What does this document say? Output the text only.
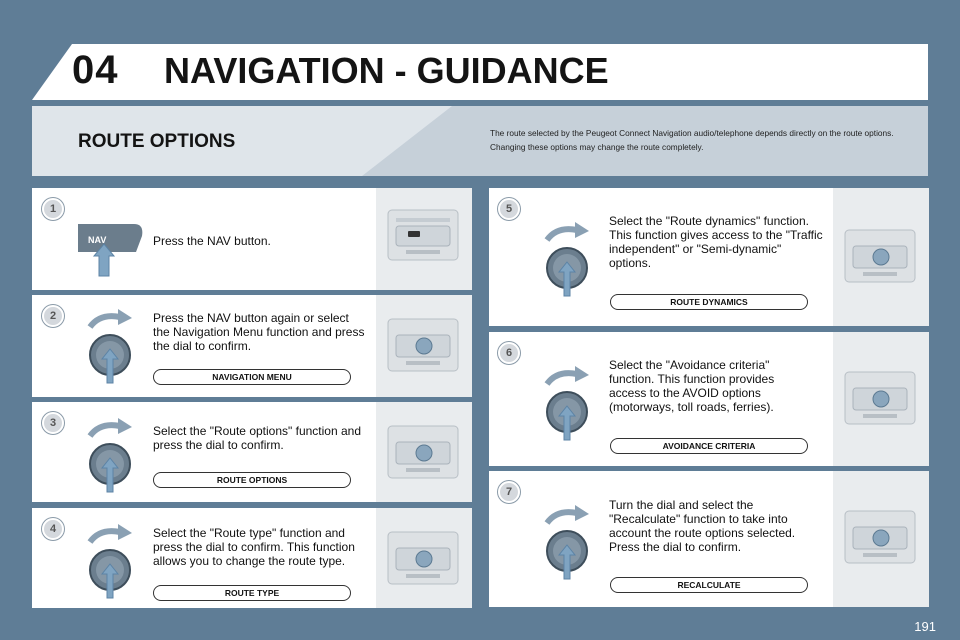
04 NAVIGATION - GUIDANCE
ROUTE OPTIONS	The route selected by the Peugeot Connect Navigation audio/telephone depends directly on the route options.
Changing these options may change the route completely.
NAV	Press the NAV button.
1
Press the NAV button again or select the Navigation Menu function and press the dial to confirm.
NAVIGATION MENU
2
Select the "Route options" function and press the dial to confirm.
ROUTE OPTIONS
3
Select the "Route type" function and press the dial to confirm. This function allows you to change the route type.
ROUTE TYPE
4
Select the "Route dynamics" function. This function gives access to the "Traffic independent" or "Semi-dynamic" options.
ROUTE DYNAMICS
5
Select the "Avoidance criteria" function. This function provides access to the AVOID options (motorways, toll roads, ferries).
AVOIDANCE CRITERIA
6
Turn the dial and select the "Recalculate" function to take into account the route options selected. Press the dial to confirm.
RECALCULATE
7
191
